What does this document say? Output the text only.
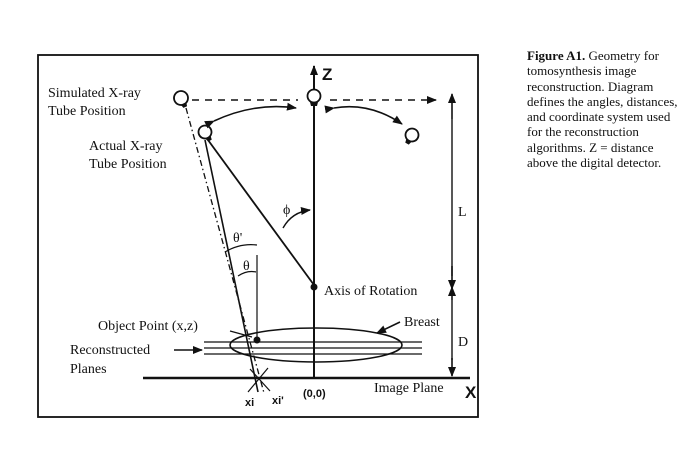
Z
X
Image Plane
(0,0)
Axis of Rotation
ϕ
θ'
θ
Object Point (x,z)	Breast
Reconstructed
Planes
Simulated X-ray
Tube Position
Actual X-ray
Tube Position
xi xi'
L
D
Figure A1. Geometry for tomosynthesis image reconstruction. Diagram defines the angles, distances, and coordinate system used for the reconstruction algorithms. Z = distance above the digital detector.
